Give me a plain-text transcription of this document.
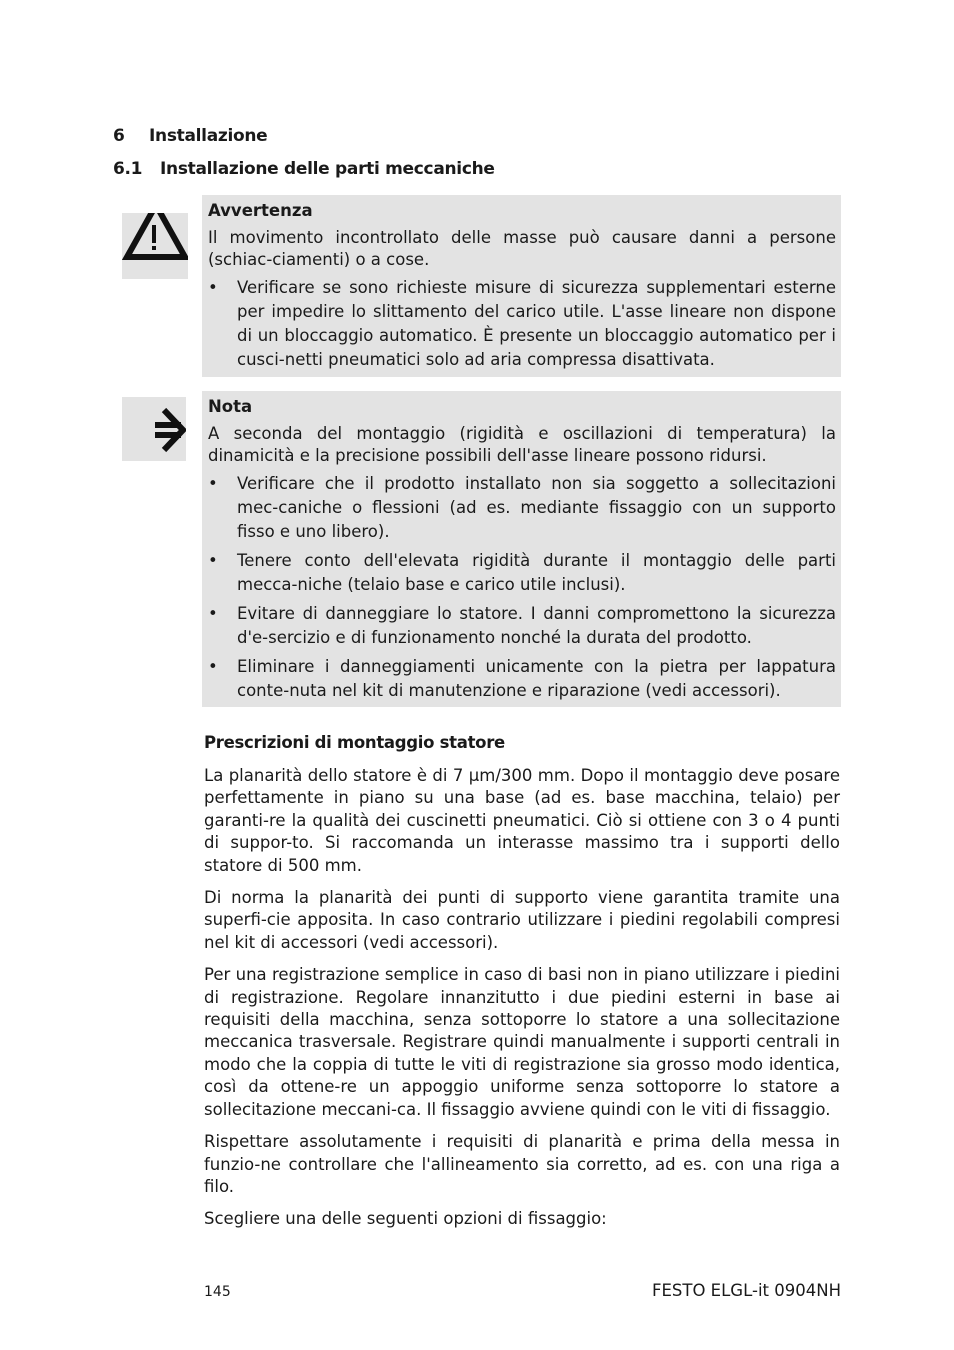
6 Installazione
6.1 Installazione delle parti meccaniche
Avvertenza

Il movimento incontrollato delle masse può causare danni a persone (schiac-ciamenti) o a cose.

• Verificare se sono richieste misure di sicurezza supplementari esterne per impedire lo slittamento del carico utile. L'asse lineare non dispone di un bloccaggio automatico. È presente un bloccaggio automatico per i cusci-netti pneumatici solo ad aria compressa disattivata.
Nota

A seconda del montaggio (rigidità e oscillazioni di temperatura) la dinamicità e la precisione possibili dell'asse lineare possono ridursi.

• Verificare che il prodotto installato non sia soggetto a sollecitazioni mec-caniche o flessioni (ad es. mediante fissaggio con un supporto fisso e uno libero).
• Tenere conto dell'elevata rigidità durante il montaggio delle parti mecca-niche (telaio base e carico utile inclusi).
• Evitare di danneggiare lo statore. I danni compromettono la sicurezza d'e-sercizio e di funzionamento nonché la durata del prodotto.
• Eliminare i danneggiamenti unicamente con la pietra per lappatura conte-nuta nel kit di manutenzione e riparazione (vedi accessori).
Prescrizioni di montaggio statore

La planarità dello statore è di 7 µm/300 mm. Dopo il montaggio deve posare perfettamente in piano su una base (ad es. base macchina, telaio) per garanti-re la qualità dei cuscinetti pneumatici. Ciò si ottiene con 3 o 4 punti di suppor-to. Si raccomanda un interasse massimo tra i supporti dello statore di 500 mm.

Di norma la planarità dei punti di supporto viene garantita tramite una superfi-cie apposita. In caso contrario utilizzare i piedini regolabili compresi nel kit di accessori (vedi accessori).

Per una registrazione semplice in caso di basi non in piano utilizzare i piedini di registrazione. Regolare innanzitutto i due piedini esterni in base ai requisiti della macchina, senza sottoporre lo statore a una sollecitazione meccanica trasversale. Registrare quindi manualmente i supporti centrali in modo che la coppia di tutte le viti di registrazione sia grosso modo identica, così da ottene-re un appoggio uniforme senza sottoporre lo statore a sollecitazione meccani-ca. Il fissaggio avviene quindi con le viti di fissaggio.

Rispettare assolutamente i requisiti di planarità e prima della messa in funzio-ne controllare che l'allineamento sia corretto, ad es. con una riga a filo.

Scegliere una delle seguenti opzioni di fissaggio:

145	FESTO ELGL-it 0904NH
